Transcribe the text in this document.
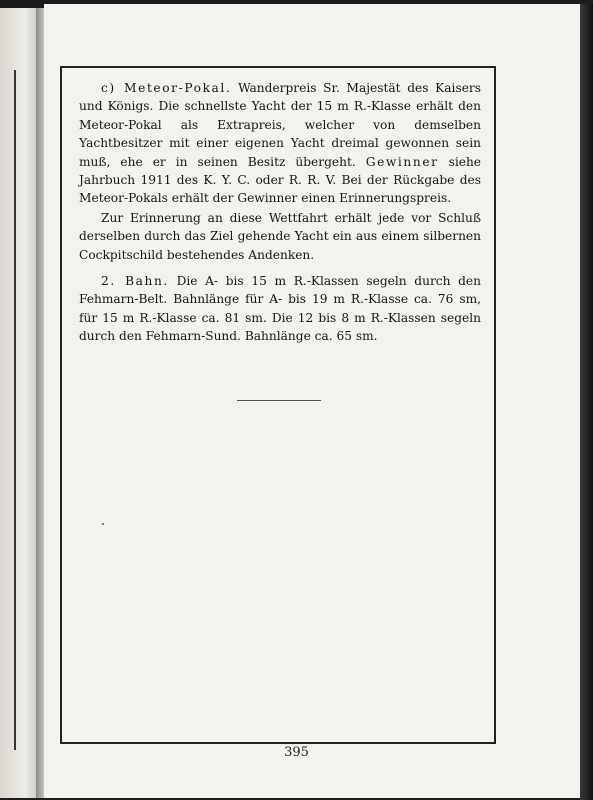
c) Meteor-Pokal. Wanderpreis Sr. Majestät des Kaisers und Königs. Die schnellste Yacht der 15 m R.-Klasse erhält den Meteor-Pokal als Extrapreis, welcher von demselben Yachtbesitzer mit einer eigenen Yacht dreimal gewonnen sein muß, ehe er in seinen Besitz übergeht. Gewinner siehe Jahrbuch 1911 des K. Y. C. oder R. R. V. Bei der Rückgabe des Meteor-Pokals erhält der Gewinner einen Erinnerungspreis.

Zur Erinnerung an diese Wettfahrt erhält jede vor Schluß derselben durch das Ziel gehende Yacht ein aus einem silbernen Cockpitschild bestehendes Andenken.

2. Bahn. Die A- bis 15 m R.-Klassen segeln durch den Fehmarn-Belt. Bahnlänge für A- bis 19 m R.-Klasse ca. 76 sm, für 15 m R.-Klasse ca. 81 sm. Die 12 bis 8 m R.-Klassen segeln durch den Fehmarn-Sund. Bahnlänge ca. 65 sm.

395
